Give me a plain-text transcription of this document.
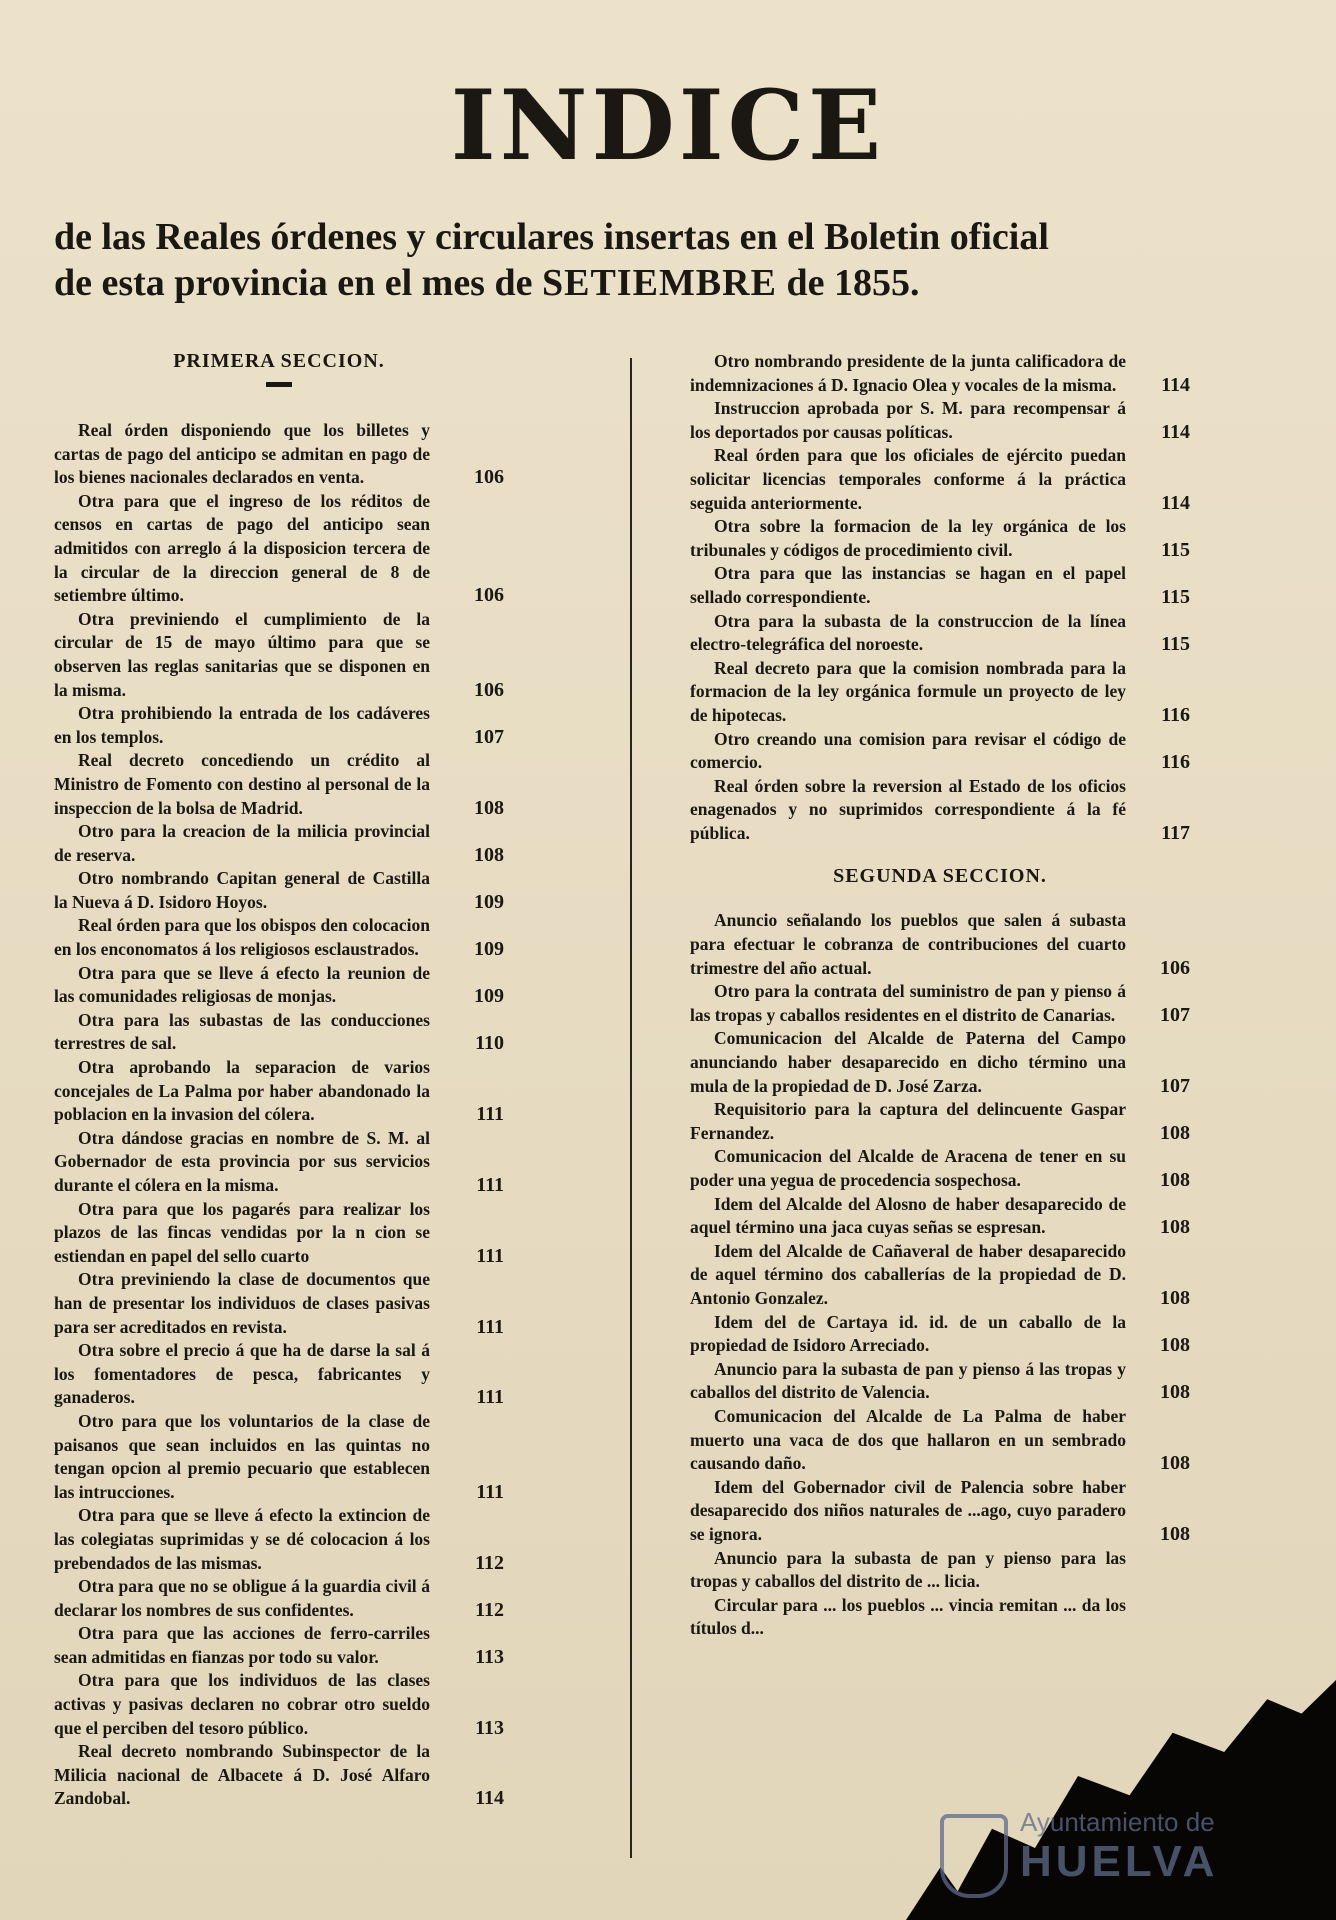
INDICE
de las Reales órdenes y circulares insertas en el Boletin oficial
de esta provincia en el mes de SETIEMBRE de 1855.
PRIMERA SECCION.

Real órden disponiendo que los billetes y cartas de pago del anticipo se admitan en pago de los bienes nacionales declarados en venta.	106

Otra para que el ingreso de los réditos de censos en cartas de pago del anticipo sean admitidos con arreglo á la disposicion tercera de la circular de la direccion general de 8 de setiembre último.	106

Otra previniendo el cumplimiento de la circular de 15 de mayo último para que se observen las reglas sanitarias que se disponen en la misma.	106

Otra prohibiendo la entrada de los cadáveres en los templos.	107

Real decreto concediendo un crédito al Ministro de Fomento con destino al personal de la inspeccion de la bolsa de Madrid.	108

Otro para la creacion de la milicia provincial de reserva.	108

Otro nombrando Capitan general de Castilla la Nueva á D. Isidoro Hoyos.	109

Real órden para que los obispos den colocacion en los enconomatos á los religiosos esclaustrados.	109

Otra para que se lleve á efecto la reunion de las comunidades religiosas de monjas.	109

Otra para las subastas de las conducciones terrestres de sal.	110

Otra aprobando la separacion de varios concejales de La Palma por haber abandonado la poblacion en la invasion del cólera.	111

Otra dándose gracias en nombre de S. M. al Gobernador de esta provincia por sus servicios durante el cólera en la misma.	111

Otra para que los pagarés para realizar los plazos de las fincas vendidas por la n cion se estiendan en papel del sello cuarto	111

Otra previniendo la clase de documentos que han de presentar los individuos de clases pasivas para ser acreditados en revista.	111

Otra sobre el precio á que ha de darse la sal á los fomentadores de pesca, fabricantes y ganaderos.	111

Otro para que los voluntarios de la clase de paisanos que sean incluidos en las quintas no tengan opcion al premio pecuario que establecen las intrucciones.	111

Otra para que se lleve á efecto la extincion de las colegiatas suprimidas y se dé colocacion á los prebendados de las mismas.	112

Otra para que no se obligue á la guardia civil á declarar los nombres de sus confidentes.	112

Otra para que las acciones de ferro-carriles sean admitidas en fianzas por todo su valor.	113

Otra para que los individuos de las clases activas y pasivas declaren no cobrar otro sueldo que el perciben del tesoro público.	113

Real decreto nombrando Subinspector de la Milicia nacional de Albacete á D. José Alfaro Zandobal.	114

Otro nombrando presidente de la junta calificadora de indemnizaciones á D. Ignacio Olea y vocales de la misma.	114

Instruccion aprobada por S. M. para recompensar á los deportados por causas políticas.	114

Real órden para que los oficiales de ejército puedan solicitar licencias temporales conforme á la práctica seguida anteriormente.	114

Otra sobre la formacion de la ley orgánica de los tribunales y códigos de procedimiento civil.	115

Otra para que las instancias se hagan en el papel sellado correspondiente.	115

Otra para la subasta de la construccion de la línea electro-telegráfica del noroeste.	115

Real decreto para que la comision nombrada para la formacion de la ley orgánica formule un proyecto de ley de hipotecas.	116

Otro creando una comision para revisar el código de comercio.	116

Real órden sobre la reversion al Estado de los oficios enagenados y no suprimidos correspondiente á la fé pública.	117

SEGUNDA SECCION.

Anuncio señalando los pueblos que salen á subasta para efectuar le cobranza de contribuciones del cuarto trimestre del año actual.	106

Otro para la contrata del suministro de pan y pienso á las tropas y caballos residentes en el distrito de Canarias.	107

Comunicacion del Alcalde de Paterna del Campo anunciando haber desaparecido en dicho término una mula de la propiedad de D. José Zarza.	107

Requisitorio para la captura del delincuente Gaspar Fernandez.	108

Comunicacion del Alcalde de Aracena de tener en su poder una yegua de procedencia sospechosa.	108

Idem del Alcalde del Alosno de haber desaparecido de aquel término una jaca cuyas señas se espresan.	108

Idem del Alcalde de Cañaveral de haber desaparecido de aquel término dos caballerías de la propiedad de D. Antonio Gonzalez.	108

Idem del de Cartaya id. id. de un caballo de la propiedad de Isidoro Arreciado.	108

Anuncio para la subasta de pan y pienso á las tropas y caballos del distrito de Valencia.	108

Comunicacion del Alcalde de La Palma de haber muerto una vaca de dos que hallaron en un sembrado causando daño.	108

Idem del Gobernador civil de Palencia sobre haber desaparecido dos niños naturales de ...ago, cuyo paradero se ignora.	108

Anuncio para la subasta de pan y pienso para las tropas y caballos del distrito de ... licia.

Circular para ... los pueblos ... vincia remitan ... da los títulos d...

Ayuntamiento de
HUELVA
